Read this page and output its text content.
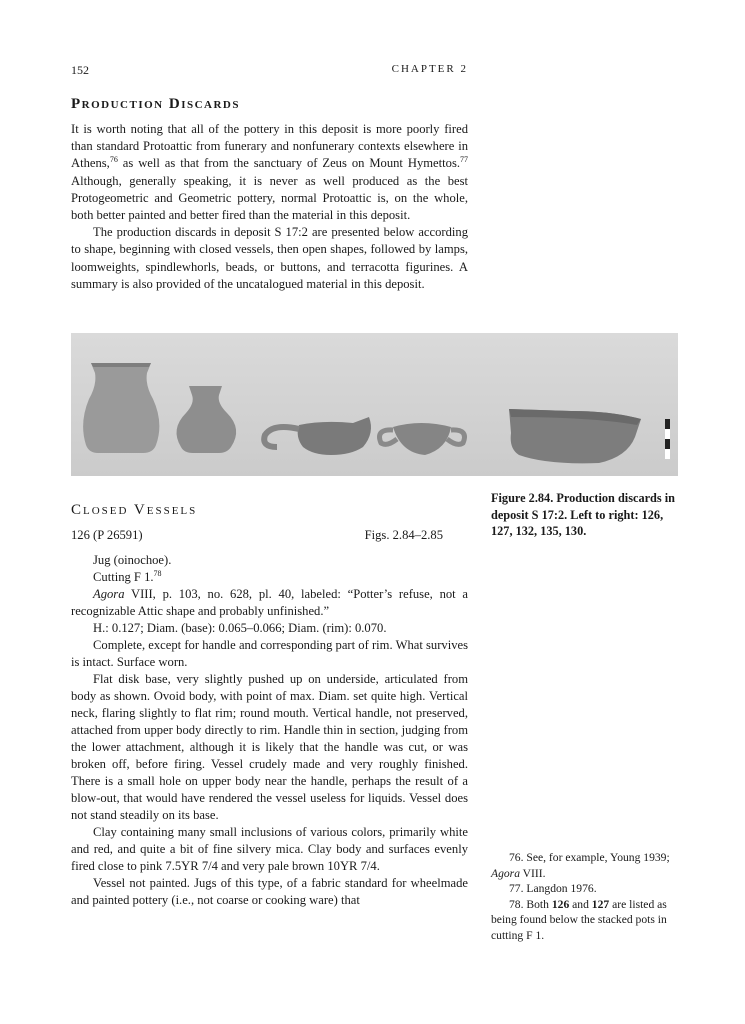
152	CHAPTER 2
Production Discards

It is worth noting that all of the pottery in this deposit is more poorly fired than standard Protoattic from funerary and nonfunerary contexts elsewhere in Athens,$^{76}$ as well as that from the sanctuary of Zeus on Mount Hymettos.$^{77}$ Although, generally speaking, it is never as well produced as the best Protogeometric and Geometric pottery, normal Protoattic is, on the whole, both better painted and better fired than the material in this deposit.

The production discards in deposit S 17:2 are presented below according to shape, beginning with closed vessels, then open shapes, followed by lamps, loomweights, spindlewhorls, beads, or buttons, and terracotta figurines. A summary is also provided of the uncatalogued material in this deposit.

Figure 2.84. Production discards in deposit S 17:2. Left to right: 126, 127, 132, 135, 130.
Closed Vessels
126 (P 26591)	Figs. 2.84–2.85

Jug (oinochoe).

Cutting F 1.78

Agora VIII, p. 103, no. 628, pl. 40, labeled: “Potter’s refuse, not a recognizable Attic shape and probably unfinished.”

H.: 0.127; Diam. (base): 0.065–0.066; Diam. (rim): 0.070.

Complete, except for handle and corresponding part of rim. What survives is intact. Surface worn.

Flat disk base, very slightly pushed up on underside, articulated from body as shown. Ovoid body, with point of max. Diam. set quite high. Vertical neck, flaring slightly to flat rim; round mouth. Vertical handle, not preserved, attached from upper body directly to rim. Handle thin in section, judging from the lower attachment, although it is likely that the handle was cut, or was broken off, before firing. Vessel crudely made and very roughly finished. There is a small hole on upper body near the handle, perhaps the result of a blow-out, that would have rendered the vessel useless for liquids. Vessel does not stand steadily on its base.

Clay containing many small inclusions of various colors, primarily white and red, and quite a bit of fine silvery mica. Clay body and surfaces evenly fired close to pink 7.5YR 7/4 and very pale brown 10YR 7/4.

Vessel not painted. Jugs of this type, of a fabric standard for wheelmade and painted pottery (i.e., not coarse or cooking ware) that

76. See, for example, Young 1939; Agora VIII.

77. Langdon 1976.

78. Both 126 and 127 are listed as being found below the stacked pots in cutting F 1.
